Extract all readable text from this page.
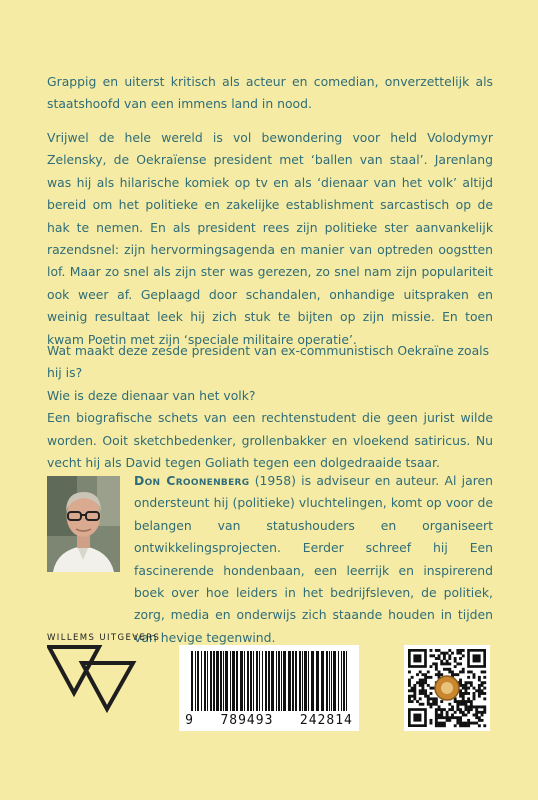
Grappig en uiterst kritisch als acteur en comedian, onverzettelijk als staatshoofd van een immens land in nood.
Vrijwel de hele wereld is vol bewondering voor held Volodymyr Zelensky, de Oekraïense president met ‘ballen van staal’. Jarenlang was hij als hilarische komiek op tv en als ‘dienaar van het volk’ altijd bereid om het politieke en zakelijke establishment sarcastisch op de hak te nemen. En als president rees zijn politieke ster aanvankelijk razendsnel: zijn hervormingsagenda en manier van optreden oogstten lof. Maar zo snel als zijn ster was gerezen, zo snel nam zijn populariteit ook weer af. Geplaagd door schandalen, onhandige uitspraken en weinig resultaat leek hij zich stuk te bijten op zijn missie. En toen kwam Poetin met zijn ‘speciale militaire operatie’.
Wat maakt deze zesde president van ex-communistisch Oekraïne zoals hij is?
Wie is deze dienaar van het volk?
Een biografische schets van een rechtenstudent die geen jurist wilde worden. Ooit sketchbedenker, grollenbakker en vloekend satiricus. Nu vecht hij als David tegen Goliath tegen een dolgedraaide tsaar.
Don Croonenberg (1958) is adviseur en auteur. Al jaren ondersteunt hij (politieke) vluchtelingen, komt op voor de belangen van statushouders en organiseert ontwikkelingsprojecten. Eerder schreef hij Een fascinerende hondenbaan, een leerrijk en inspirerend boek over hoe leiders in het bedrijfsleven, de politiek, zorg, media en onderwijs zich staande houden in tijden van hevige tegenwind.
WILLEMS UITGEVERS
9   789493   242814
